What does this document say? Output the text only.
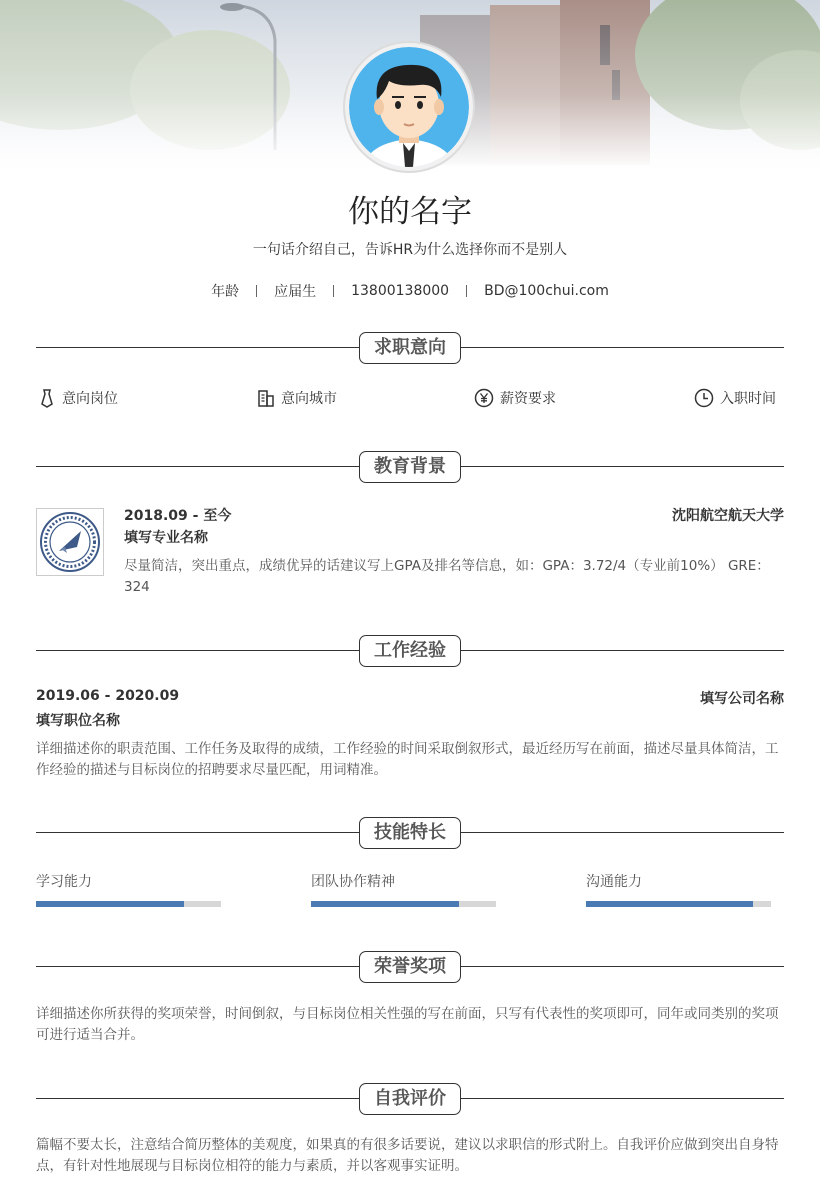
你的名字
一句话介绍自己，告诉HR为什么选择你而不是别人
年龄	应届生	13800138000	BD@100chui.com
求职意向
意向岗位	意向城市	薪资要求	入职时间
教育背景
2018.09 - 至今	沈阳航空航天大学
填写专业名称
尽量简洁，突出重点，成绩优异的话建议写上GPA及排名等信息，如：GPA：3.72/4（专业前10%） GRE：324
工作经验
2019.06 - 2020.09	填写公司名称
填写职位名称
详细描述你的职责范围、工作任务及取得的成绩，工作经验的时间采取倒叙形式，最近经历写在前面，描述尽量具体简洁，工作经验的描述与目标岗位的招聘要求尽量匹配，用词精准。
技能特长
学习能力	团队协作精神	沟通能力
荣誉奖项
详细描述你所获得的奖项荣誉，时间倒叙，与目标岗位相关性强的写在前面，只写有代表性的奖项即可，同年或同类别的奖项可进行适当合并。
自我评价
篇幅不要太长，注意结合简历整体的美观度，如果真的有很多话要说，建议以求职信的形式附上。自我评价应做到突出自身特点，有针对性地展现与目标岗位相符的能力与素质，并以客观事实证明。
